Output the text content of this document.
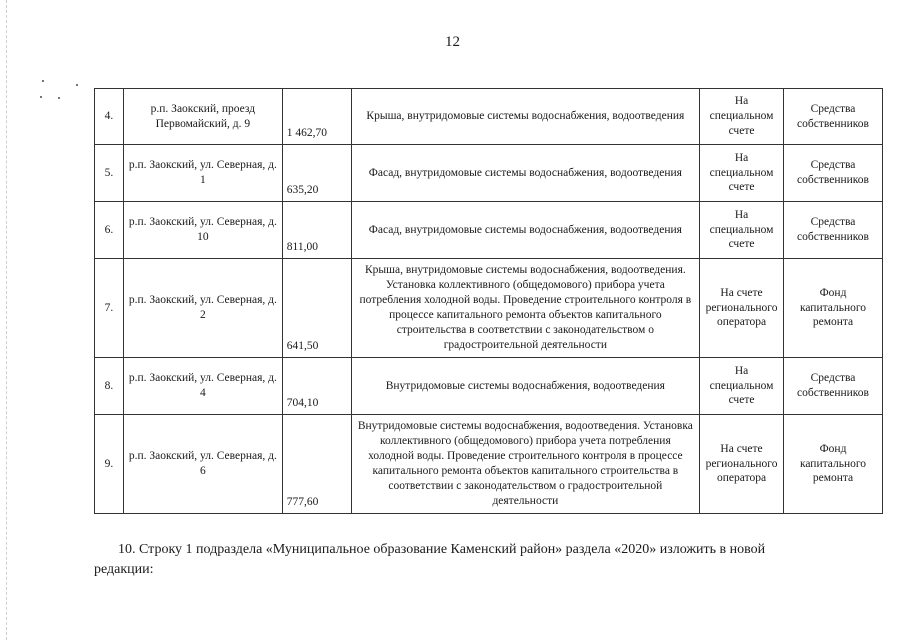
12
4.	р.п. Заокский, проезд Первомайский, д. 9	1 462,70	Крыша, внутридомовые системы водоснабжения, водоотведения	На специальном счете	Средства собственников
5.	р.п. Заокский, ул. Северная, д. 1	635,20	Фасад, внутридомовые системы водоснабжения, водоотведения	На специальном счете	Средства собственников
6.	р.п. Заокский, ул. Северная, д. 10	811,00	Фасад, внутридомовые системы водоснабжения, водоотведения	На специальном счете	Средства собственников
7.	р.п. Заокский, ул. Северная, д. 2	641,50	Крыша, внутридомовые системы водоснабжения, водоотведения. Установка коллективного (общедомового) прибора учета потребления холодной воды. Проведение строительного контроля в процессе капитального ремонта объектов капитального строительства в соответствии с законодательством о градостроительной деятельности	На счете регионального оператора	Фонд капитального ремонта
8.	р.п. Заокский, ул. Северная, д. 4	704,10	Внутридомовые системы водоснабжения, водоотведения	На специальном счете	Средства собственников
9.	р.п. Заокский, ул. Северная, д. 6	777,60	Внутридомовые системы водоснабжения, водоотведения. Установка коллективного (общедомового) прибора учета потребления холодной воды. Проведение строительного контроля в процессе капитального ремонта объектов капитального строительства в соответствии с законодательством о градостроительной деятельности	На счете регионального оператора	Фонд капитального ремонта
10. Строку 1 подраздела «Муниципальное образование Каменский район» раздела «2020» изложить в новой
редакции:
